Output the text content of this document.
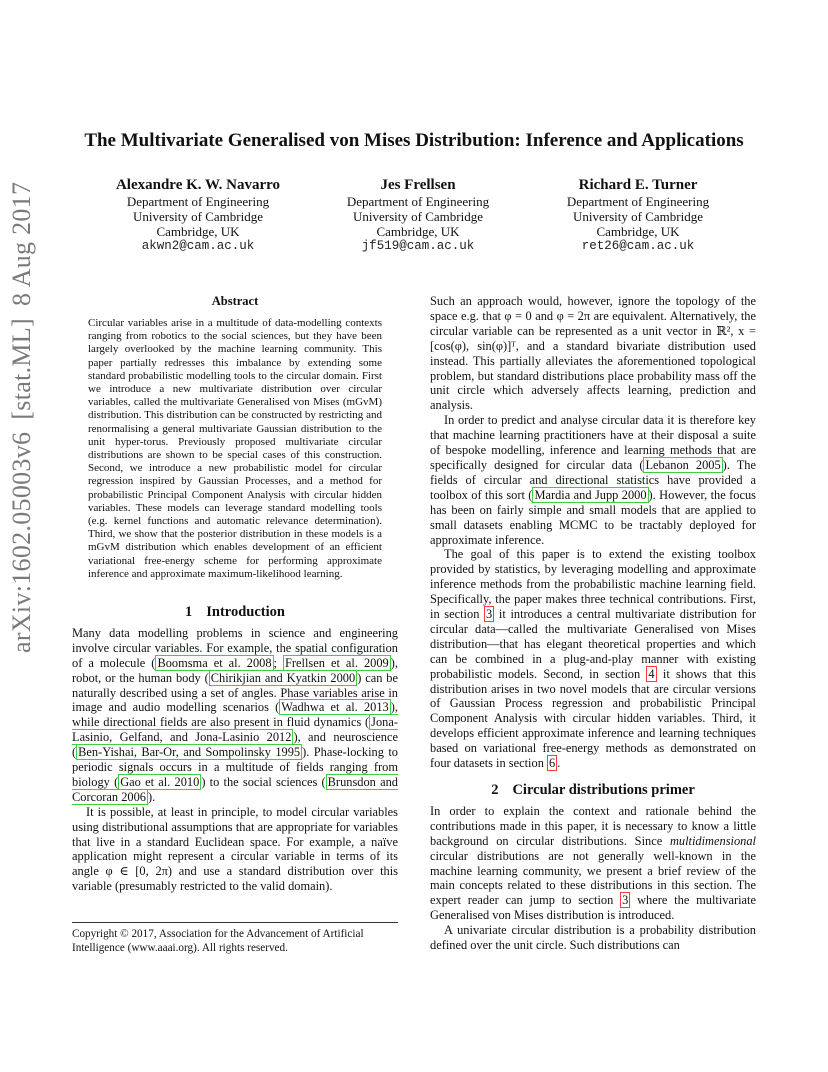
arXiv:1602.05003v6
[stat.ML]
8 Aug 2017
The Multivariate Generalised von Mises Distribution: Inference and Applications
Alexandre K. W. Navarro
Department of Engineering
University of Cambridge
Cambridge, UK
akwn2@cam.ac.uk
Jes Frellsen
Department of Engineering
University of Cambridge
Cambridge, UK
jf519@cam.ac.uk
Richard E. Turner
Department of Engineering
University of Cambridge
Cambridge, UK
ret26@cam.ac.uk
Abstract

Circular variables arise in a multitude of data-modelling contexts ranging from robotics to the social sciences, but they have been largely overlooked by the machine learning community. This paper partially redresses this imbalance by extending some standard probabilistic modelling tools to the circular domain. First we introduce a new multivariate distribution over circular variables, called the multivariate Generalised von Mises (mGvM) distribution. This distribution can be constructed by restricting and renormalising a general multivariate Gaussian distribution to the unit hyper-torus. Previously proposed multivariate circular distributions are shown to be special cases of this construction. Second, we introduce a new probabilistic model for circular regression inspired by Gaussian Processes, and a method for probabilistic Principal Component Analysis with circular hidden variables. These models can leverage standard modelling tools (e.g. kernel functions and automatic relevance determination). Third, we show that the posterior distribution in these models is a mGvM distribution which enables development of an efficient variational free-energy scheme for performing approximate inference and approximate maximum-likelihood learning.

1 Introduction

Many data modelling problems in science and engineering involve circular variables. For example, the spatial configuration of a molecule ( Boomsma et al. 2008 ; Frellsen et al. 2009 ), robot, or the human body ( Chirikjian and Kyatkin 2000 ) can be naturally described using a set of angles. Phase variables arise in image and audio modelling scenarios ( Wadhwa et al. 2013 ), while directional fields are also present in fluid dynamics ( Jona-Lasinio, Gelfand, and Jona-Lasinio 2012 ), and neuroscience ( Ben-Yishai, Bar-Or, and Sompolinsky 1995 ). Phase-locking to periodic signals occurs in a multitude of fields ranging from biology ( Gao et al. 2010 ) to the social sciences ( Brunsdon and Corcoran 2006 ).

It is possible, at least in principle, to model circular variables using distributional assumptions that are appropriate for variables that live in a standard Euclidean space. For example, a naïve application might represent a circular variable in terms of its angle φ ∈ [0, 2π) and use a standard distribution over this variable (presumably restricted to the valid domain).

Copyright © 2017, Association for the Advancement of Artificial Intelligence (www.aaai.org). All rights reserved.

Such an approach would, however, ignore the topology of the space e.g. that φ = 0 and φ = 2π are equivalent. Alternatively, the circular variable can be represented as a unit vector in ℝ², x = [cos(φ), sin(φ)]ᵀ, and a standard bivariate distribution used instead. This partially alleviates the aforementioned topological problem, but standard distributions place probability mass off the unit circle which adversely affects learning, prediction and analysis.

In order to predict and analyse circular data it is therefore key that machine learning practitioners have at their disposal a suite of bespoke modelling, inference and learning methods that are specifically designed for circular data ( Lebanon 2005 ). The fields of circular and directional statistics have provided a toolbox of this sort ( Mardia and Jupp 2000 ). However, the focus has been on fairly simple and small models that are applied to small datasets enabling MCMC to be tractably deployed for approximate inference.

The goal of this paper is to extend the existing toolbox provided by statistics, by leveraging modelling and approximate inference methods from the probabilistic machine learning field. Specifically, the paper makes three technical contributions. First, in section 3 it introduces a central multivariate distribution for circular data—called the multivariate Generalised von Mises distribution—that has elegant theoretical properties and which can be combined in a plug-and-play manner with existing probabilistic models. Second, in section 4 it shows that this distribution arises in two novel models that are circular versions of Gaussian Process regression and probabilistic Principal Component Analysis with circular hidden variables. Third, it develops efficient approximate inference and learning techniques based on variational free-energy methods as demonstrated on four datasets in section 6 .

2 Circular distributions primer

In order to explain the context and rationale behind the contributions made in this paper, it is necessary to know a little background on circular distributions. Since multidimensional circular distributions are not generally well-known in the machine learning community, we present a brief review of the main concepts related to these distributions in this section. The expert reader can jump to section 3 where the multivariate Generalised von Mises distribution is introduced.

A univariate circular distribution is a probability distribution defined over the unit circle. Such distributions can
